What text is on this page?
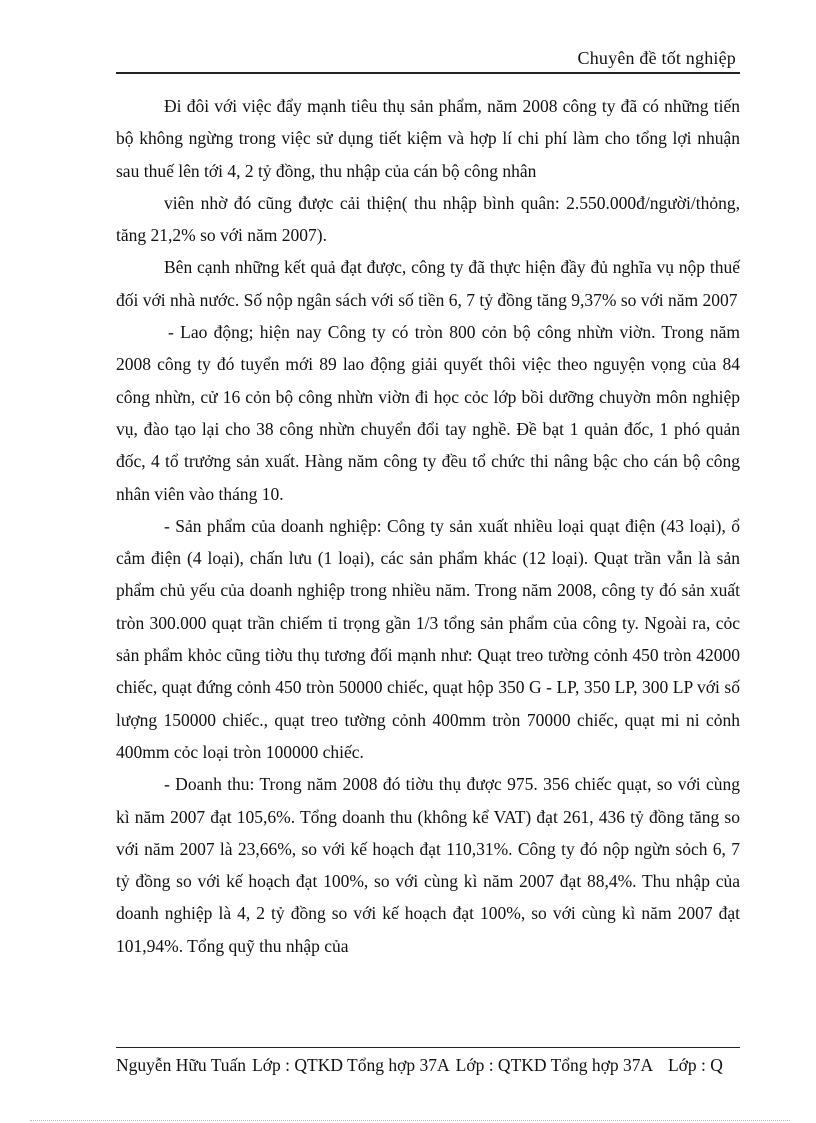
Chuyên đề tốt nghiệp

Đi đôi với việc đẩy mạnh tiêu thụ sản phẩm, năm 2008 công ty đã có những tiến bộ không ngừng trong việc sử dụng tiết kiệm và hợp lí chi phí làm cho tổng lợi nhuận sau thuế lên tới 4, 2 tỷ đồng, thu nhập của cán bộ công nhân

viên nhờ đó cũng được cải thiện( thu nhập bình quân: 2.550.000đ/người/thỏng, tăng 21,2% so với năm 2007).

Bên cạnh những kết quả đạt được, công ty đã thực hiện đầy đủ nghĩa vụ nộp thuế đối với nhà nước. Số nộp ngân sách với số tiền 6, 7 tỷ đồng tăng 9,37% so với năm 2007

- Lao động; hiện nay Công ty có tròn 800 cỏn bộ công nhừn viờn. Trong năm 2008 công ty đó tuyển mới 89 lao động giải quyết thôi việc theo nguyện vọng của 84 công nhừn, cử 16 cỏn bộ công nhừn viờn đi học cỏc lớp bồi dưỡng chuyờn môn nghiệp vụ, đào tạo lại cho 38 công nhừn chuyển đổi tay nghề. Đề bạt 1 quản đốc, 1 phó quản đốc, 4 tổ trưởng sản xuất. Hàng năm công ty đều tổ chức thi nâng bậc cho cán bộ công nhân viên vào tháng 10.

- Sản phẩm của doanh nghiệp: Công ty sản xuất nhiều loại quạt điện (43 loại), ổ cắm điện (4 loại), chấn lưu (1 loại), các sản phẩm khác (12 loại). Quạt trần vẫn là sản phẩm chủ yếu của doanh nghiệp trong nhiều năm. Trong năm 2008, công ty đó sản xuất tròn 300.000 quạt trần chiếm tỉ trọng gần 1/3 tổng sản phẩm của công ty. Ngoài ra, cỏc sản phẩm khỏc cũng tiờu thụ tương đối mạnh như: Quạt treo tường cỏnh 450 tròn 42000 chiếc, quạt đứng cỏnh 450 tròn 50000 chiếc, quạt hộp 350 G - LP, 350 LP, 300 LP với số lượng 150000 chiếc., quạt treo tường cỏnh 400mm tròn 70000 chiếc, quạt mi ni cỏnh 400mm cỏc loại tròn 100000 chiếc.

- Doanh thu: Trong năm 2008 đó tiờu thụ được 975. 356 chiếc quạt, so với cùng kì năm 2007 đạt 105,6%. Tổng doanh thu (không kể VAT) đạt 261, 436 tỷ đồng tăng so với năm 2007 là 23,66%, so với kế hoạch đạt 110,31%. Công ty đó nộp ngừn sỏch 6, 7 tỷ đồng so với kế hoạch đạt 100%, so với cùng kì năm 2007 đạt 88,4%. Thu nhập của doanh nghiệp là 4, 2 tỷ đồng so với kế hoạch đạt 100%, so với cùng kì năm 2007 đạt 101,94%. Tổng quỹ thu nhập của

Nguyễn Hữu Tuấn Lớp : QTKD Tổng hợp 37A Lớp : QTKD Tổng hợp 37A Lớp : Q
